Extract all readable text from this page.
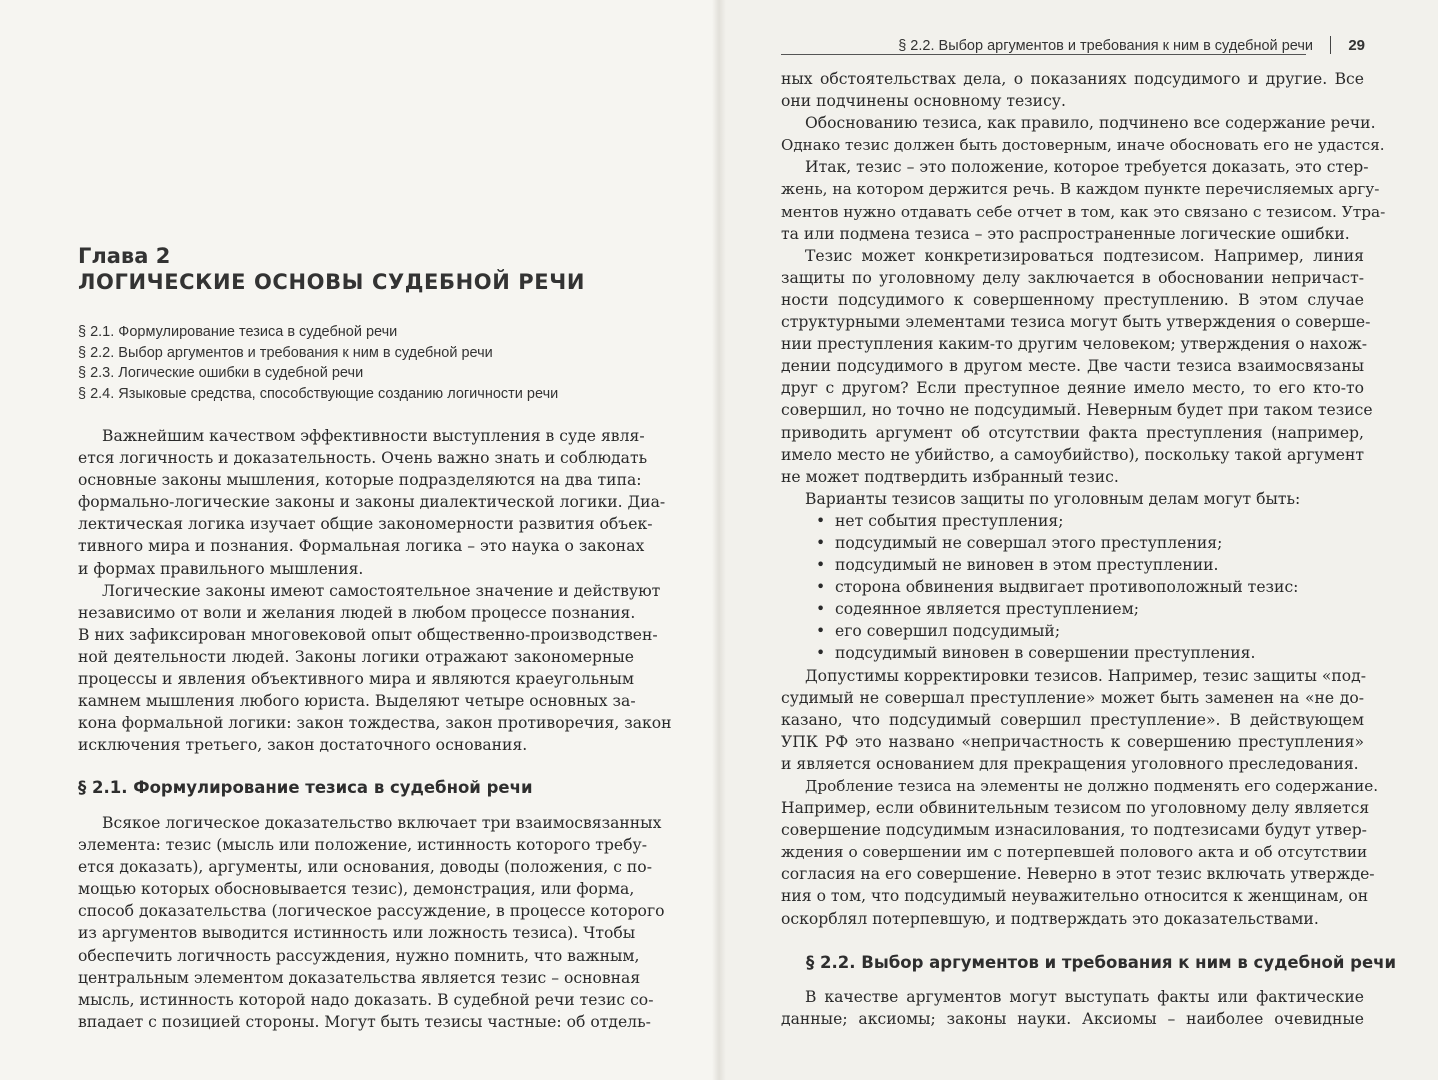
Глава 2
ЛОГИЧЕСКИЕ ОСНОВЫ СУДЕБНОЙ РЕЧИ
§ 2.1. Формулирование тезиса в судебной речи
§ 2.2. Выбор аргументов и требования к ним в судебной речи
§ 2.3. Логические ошибки в судебной речи
§ 2.4. Языковые средства, способствующие созданию логичности речи
Важнейшим качеством эффективности выступления в суде явля-
ется логичность и доказательность. Очень важно знать и соблюдать
основные законы мышления, которые подразделяются на два типа:
формально-логические законы и законы диалектической логики. Диа-
лектическая логика изучает общие закономерности развития объек-
тивного мира и познания. Формальная логика – это наука о законах
и формах правильного мышления.
Логические законы имеют самостоятельное значение и действуют
независимо от воли и желания людей в любом процессе познания.
В них зафиксирован многовековой опыт общественно-производствен-
ной деятельности людей. Законы логики отражают закономерные
процессы и явления объективного мира и являются краеугольным
камнем мышления любого юриста. Выделяют четыре основных за-
кона формальной логики: закон тождества, закон противоречия, закон
исключения третьего, закон достаточного основания.
§ 2.1. Формулирование тезиса в судебной речи
Всякое логическое доказательство включает три взаимосвязанных
элемента: тезис (мысль или положение, истинность которого требу-
ется доказать), аргументы, или основания, доводы (положения, с по-
мощью которых обосновывается тезис), демонстрация, или форма,
способ доказательства (логическое рассуждение, в процессе которого
из аргументов выводится истинность или ложность тезиса). Чтобы
обеспечить логичность рассуждения, нужно помнить, что важным,
центральным элементом доказательства является тезис – основная
мысль, истинность которой надо доказать. В судебной речи тезис со-
впадает с позицией стороны. Могут быть тезисы частные: об отдель-
§ 2.2. Выбор аргументов и требования к ним в судебной речи 29
ных обстоятельствах дела, о показаниях подсудимого и другие. Все
они подчинены основному тезису.
Обоснованию тезиса, как правило, подчинено все содержание речи.
Однако тезис должен быть достоверным, иначе обосновать его не удастся.
Итак, тезис – это положение, которое требуется доказать, это стер-
жень, на котором держится речь. В каждом пункте перечисляемых аргу-
ментов нужно отдавать себе отчет в том, как это связано с тезисом. Утра-
та или подмена тезиса – это распространенные логические ошибки.
Тезис может конкретизироваться подтезисом. Например, линия
защиты по уголовному делу заключается в обосновании непричаст-
ности подсудимого к совершенному преступлению. В этом случае
структурными элементами тезиса могут быть утверждения о соверше-
нии преступления каким-то другим человеком; утверждения о нахож-
дении подсудимого в другом месте. Две части тезиса взаимосвязаны
друг с другом? Если преступное деяние имело место, то его кто-то
совершил, но точно не подсудимый. Неверным будет при таком тезисе
приводить аргумент об отсутствии факта преступления (например,
имело место не убийство, а самоубийство), поскольку такой аргумент
не может подтвердить избранный тезис.
Варианты тезисов защиты по уголовным делам могут быть:
• нет события преступления;
• подсудимый не совершал этого преступления;
• подсудимый не виновен в этом преступлении.
• сторона обвинения выдвигает противоположный тезис:
• содеянное является преступлением;
• его совершил подсудимый;
• подсудимый виновен в совершении преступления.
Допустимы корректировки тезисов. Например, тезис защиты «под-
судимый не совершал преступление» может быть заменен на «не до-
казано, что подсудимый совершил преступление». В действующем
УПК РФ это названо «непричастность к совершению преступления»
и является основанием для прекращения уголовного преследования.
Дробление тезиса на элементы не должно подменять его содержание.
Например, если обвинительным тезисом по уголовному делу является
совершение подсудимым изнасилования, то подтезисами будут утвер-
ждения о совершении им с потерпевшей полового акта и об отсутствии
согласия на его совершение. Неверно в этот тезис включать утвержде-
ния о том, что подсудимый неуважительно относится к женщинам, он
оскорблял потерпевшую, и подтверждать это доказательствами.
§ 2.2. Выбор аргументов и требования к ним в судебной речи
В качестве аргументов могут выступать факты или фактические
данные; аксиомы; законы науки. Аксиомы – наиболее очевидные
